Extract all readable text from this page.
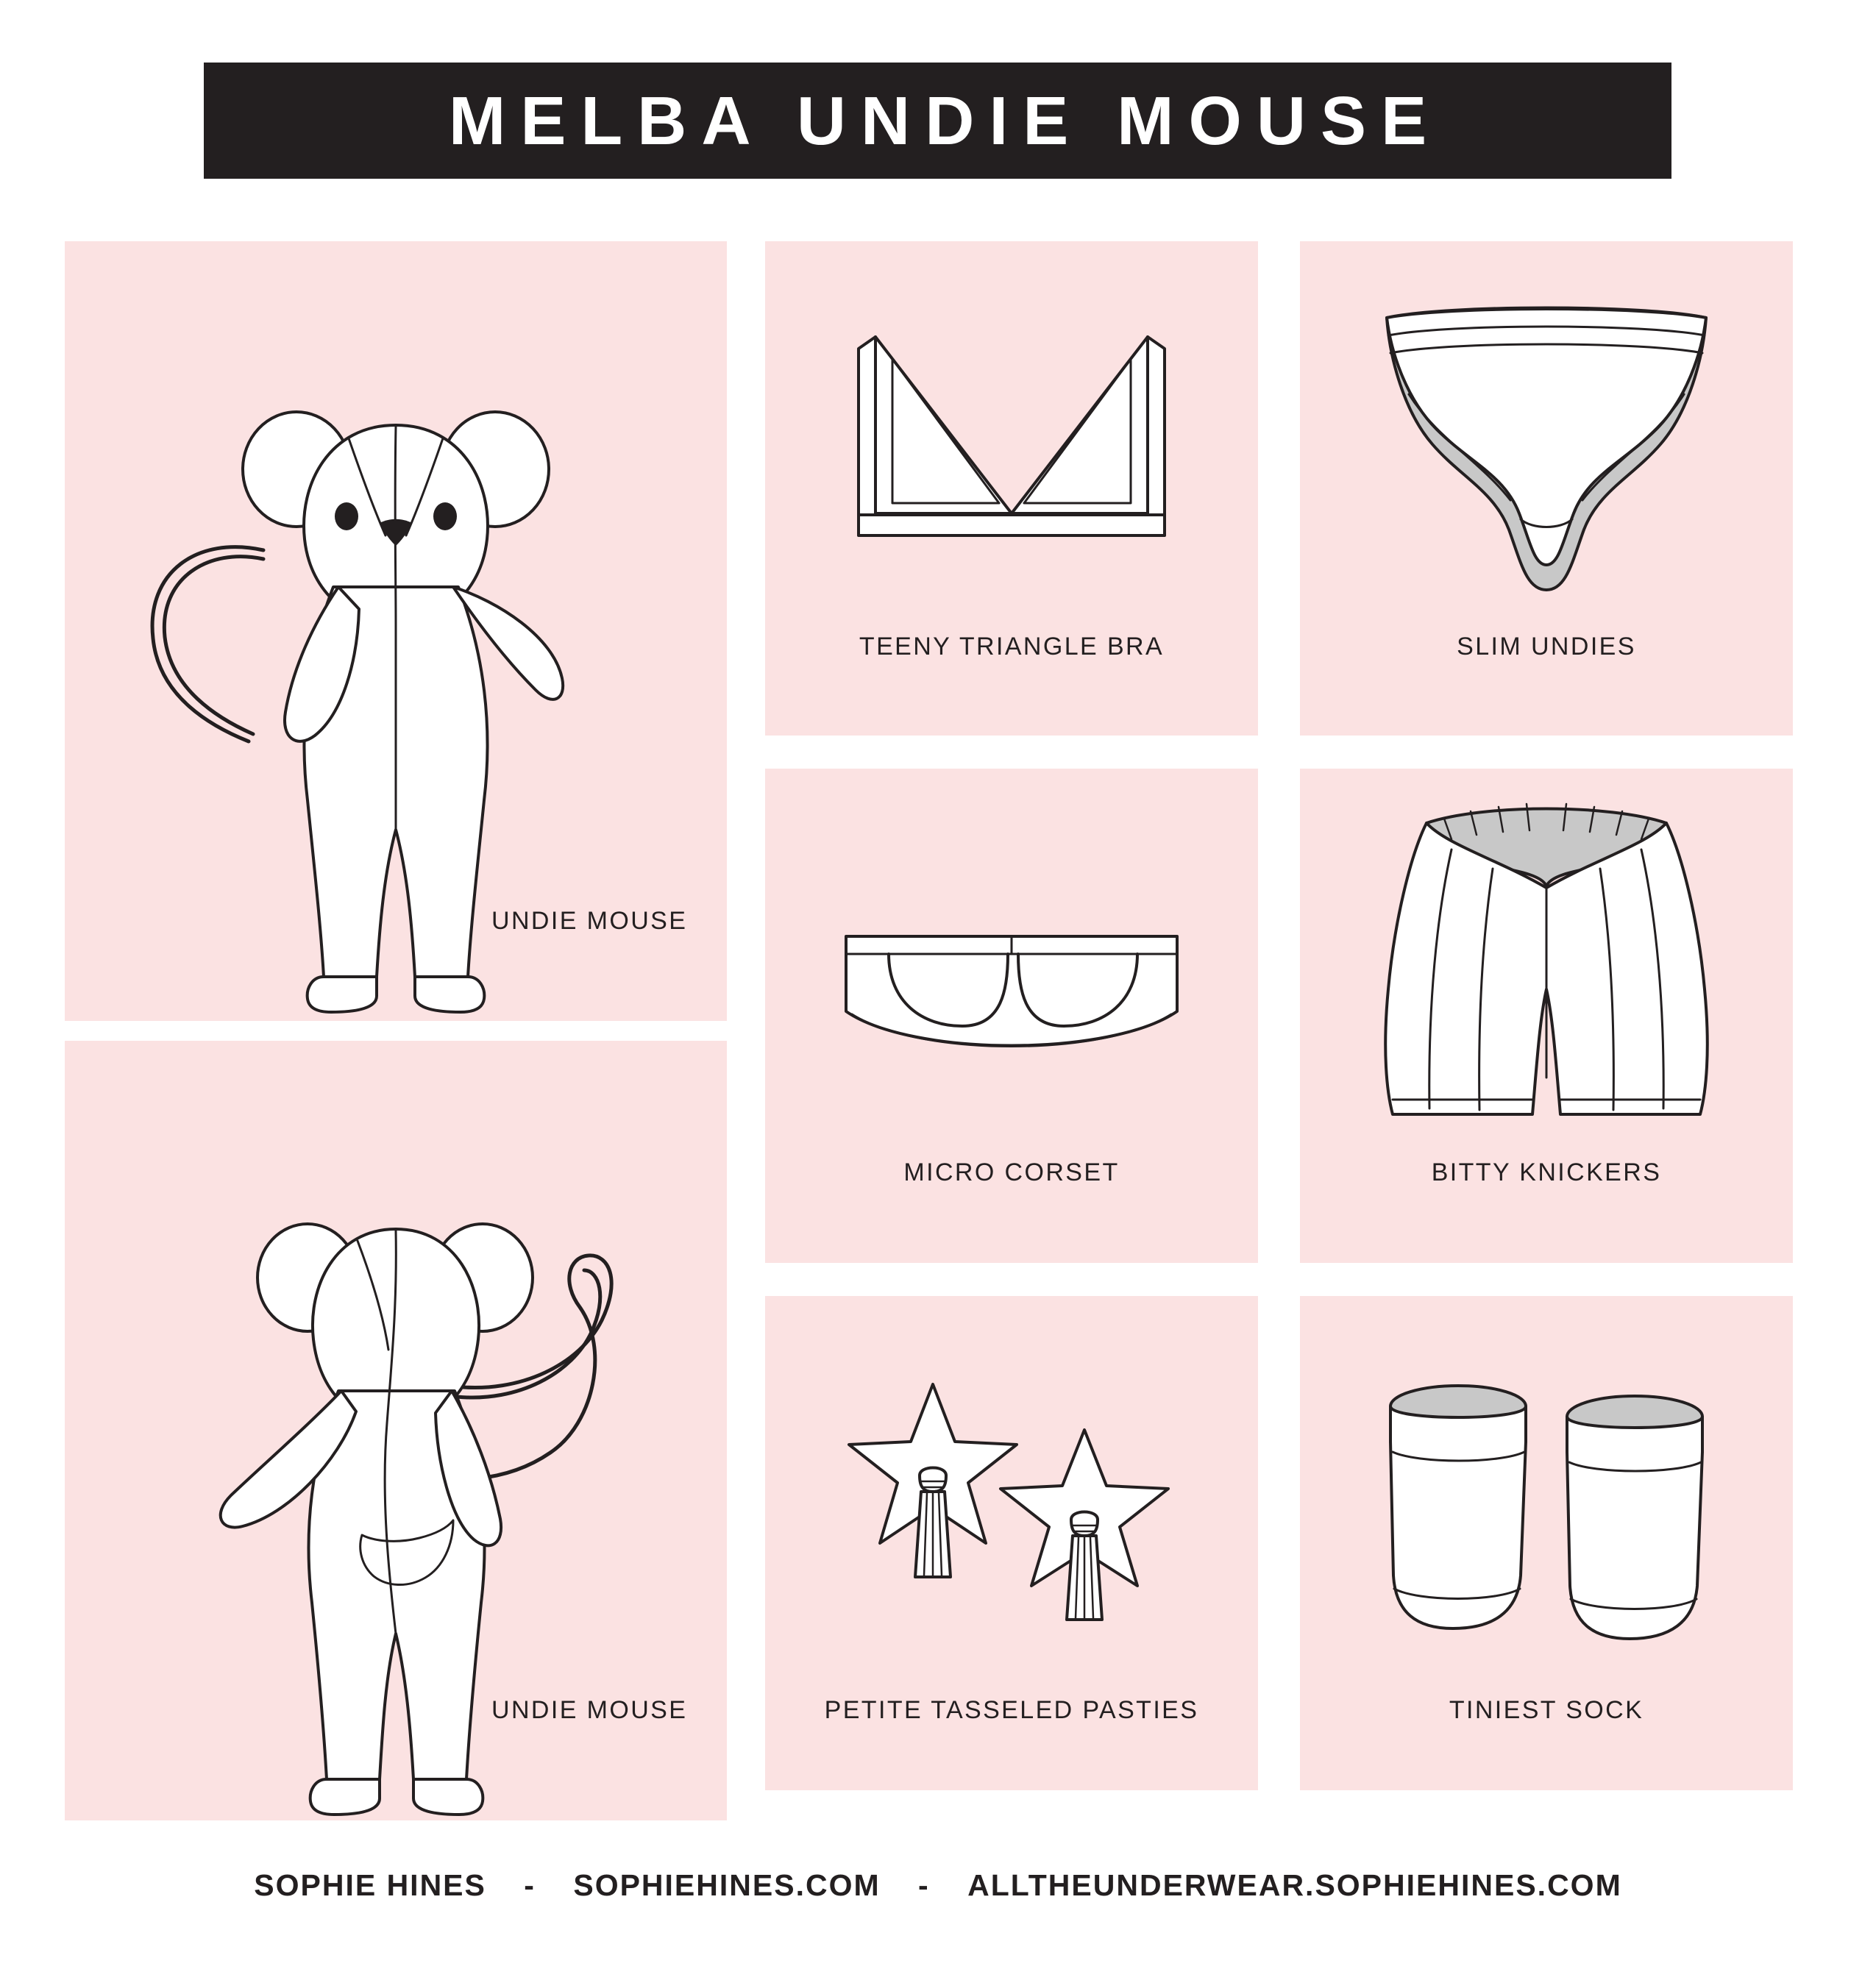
MELBA UNDIE MOUSE
UNDIE MOUSE
UNDIE MOUSE
TEENY TRIANGLE BRA	SLIM UNDIES
MICRO CORSET	BITTY KNICKERS
PETITE TASSELED PASTIES	TINIEST SOCK
SOPHIE HINES - SOPHIEHINES.COM - ALLTHEUNDERWEAR.SOPHIEHINES.COM
